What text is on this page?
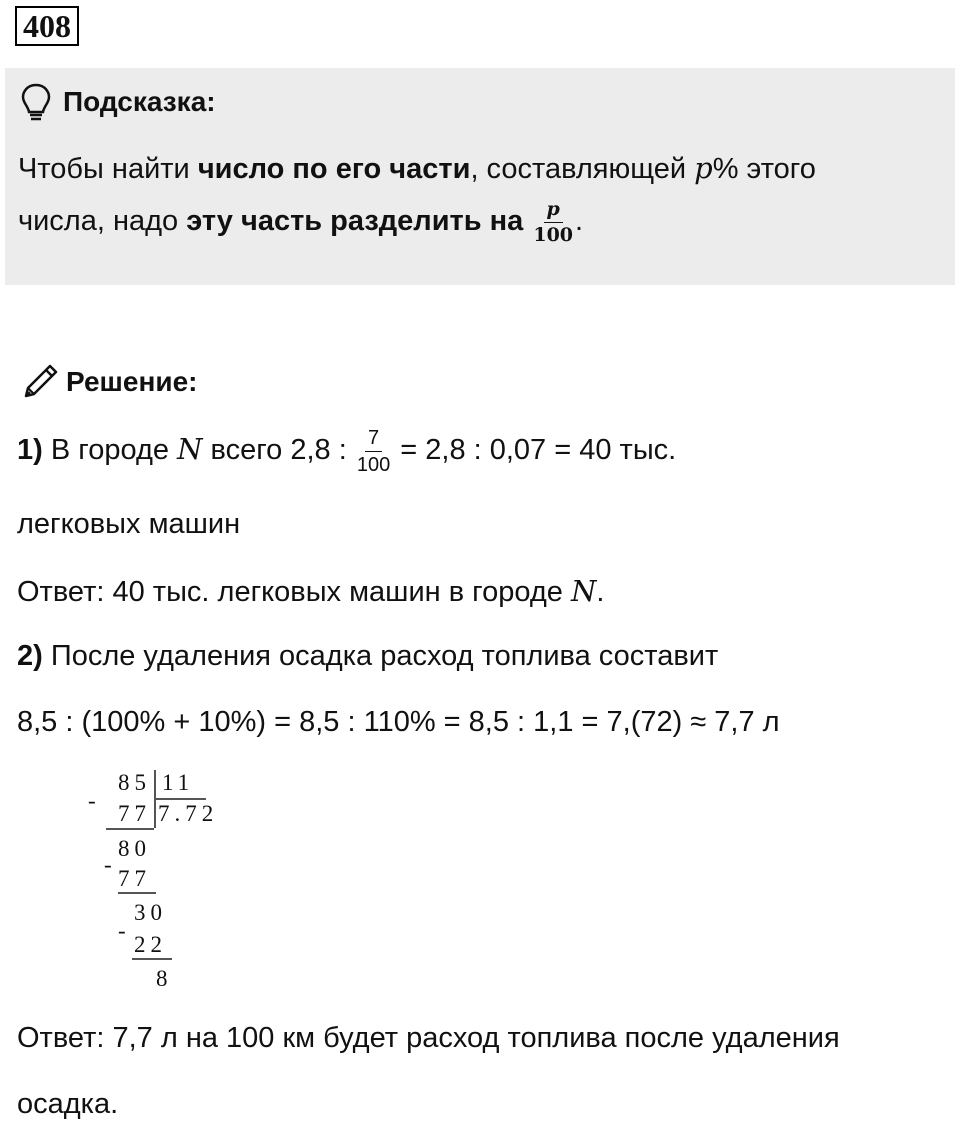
408
Подсказка:
Чтобы найти число по его части, составляющей p% этого
числа, надо эту часть разделить на $\frac{p}{100}$ .
Решение:
1) В городе N всего 2,8 : $\frac{7}{100} = 2,8$ : 0,07 = 40 тыс.
легковых машин
Ответ: 40 тыс. легковых машин в городе N.
2) После удаления осадка расход топлива составит
8,5 : (100% + 10%) = 8,5 : 110% = 8,5 : 1,1 = 7,(72) ≈ 7,7 л
85 11
-
77 7.72
80
-
77
30
-
22
8
Ответ: 7,7 л на 100 км будет расход топлива после удаления
осадка.
